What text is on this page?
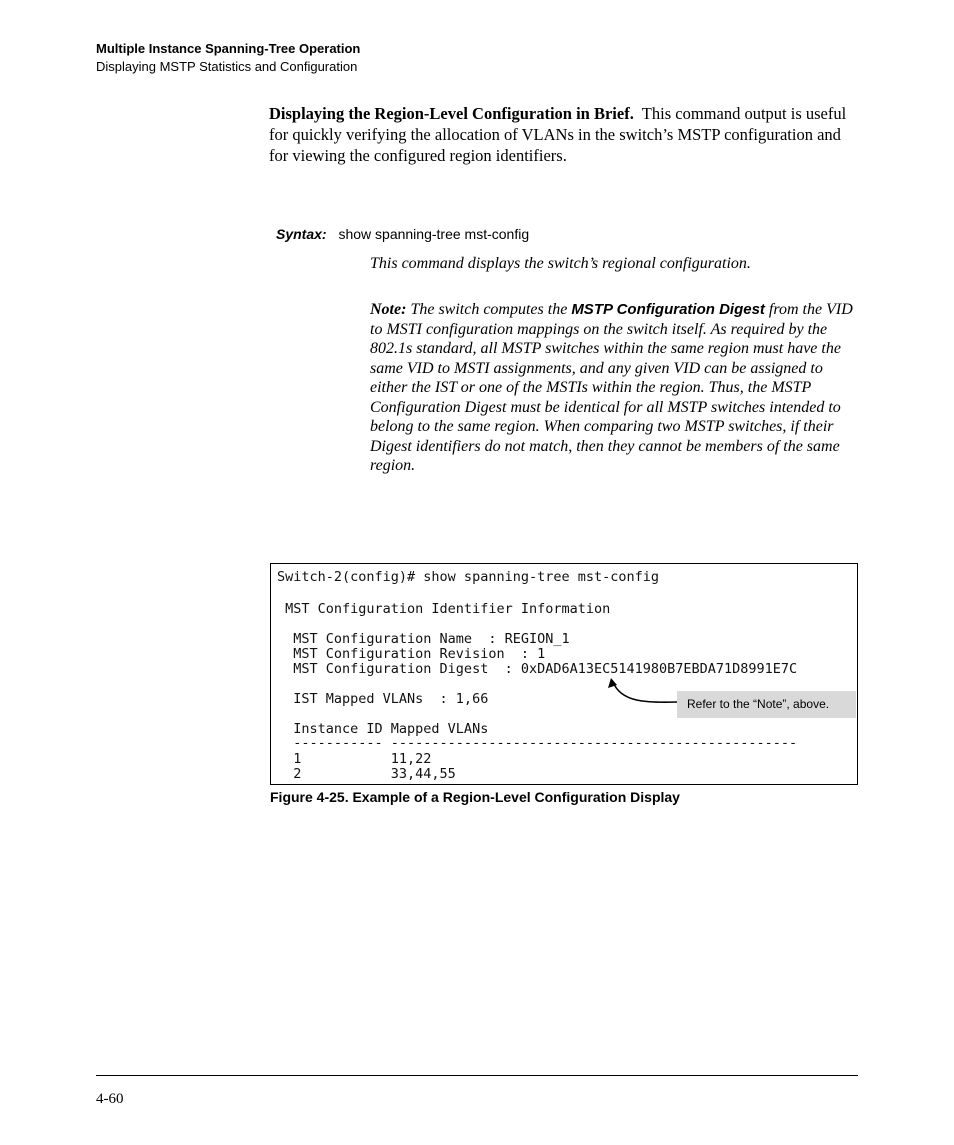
Multiple Instance Spanning-Tree Operation
Displaying MSTP Statistics and Configuration
Displaying the Region-Level Configuration in Brief. This command output is useful for quickly verifying the allocation of VLANs in the switch’s MSTP configuration and for viewing the configured region identifiers.
Syntax: show spanning-tree mst-config
This command displays the switch’s regional configuration.
Note: The switch computes the MSTP Configuration Digest from the VID to MSTI configuration mappings on the switch itself. As required by the 802.1s standard, all MSTP switches within the same region must have the same VID to MSTI assignments, and any given VID can be assigned to either the IST or one of the MSTIs within the region. Thus, the MSTP Configuration Digest must be identical for all MSTP switches intended to belong to the same region. When comparing two MSTP switches, if their Digest identifiers do not match, then they cannot be members of the same region.
Switch-2(config)# show spanning-tree mst-config
MST Configuration Identifier Information
MST Configuration Name  : REGION_1
MST Configuration Revision  : 1
MST Configuration Digest  : 0xDAD6A13EC5141980B7EBDA71D8991E7C
IST Mapped VLANs  : 1,66
Instance ID Mapped VLANs
----------- --------------------------------------------------
1           11,22
2           33,44,55
Refer to the “Note”, above.
Figure 4-25. Example of a Region-Level Configuration Display
4-60
